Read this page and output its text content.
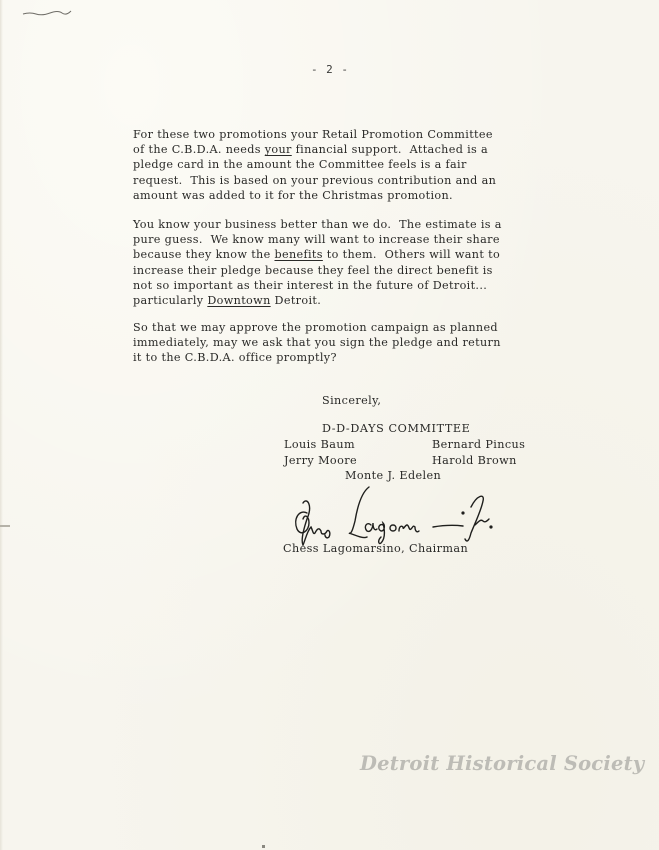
- 2 -
For these two promotions your Retail Promotion Committee
of the C.B.D.A. needs your financial support.  Attached is a
pledge card in the amount the Committee feels is a fair
request.  This is based on your previous contribution and an
amount was added to it for the Christmas promotion.
You know your business better than we do.  The estimate is a
pure guess.  We know many will want to increase their share
because they know the benefits to them.  Others will want to
increase their pledge because they feel the direct benefit is
not so important as their interest in the future of Detroit...
particularly Downtown Detroit.
So that we may approve the promotion campaign as planned
immediately, may we ask that you sign the pledge and return
it to the C.B.D.A. office promptly?
Sincerely,
D-D-DAYS COMMITTEE
Louis Baum	Bernard Pincus
Jerry Moore	Harold Brown
Monte J. Edelen
Chess Lagomarsino, Chairman
Detroit Historical Society
